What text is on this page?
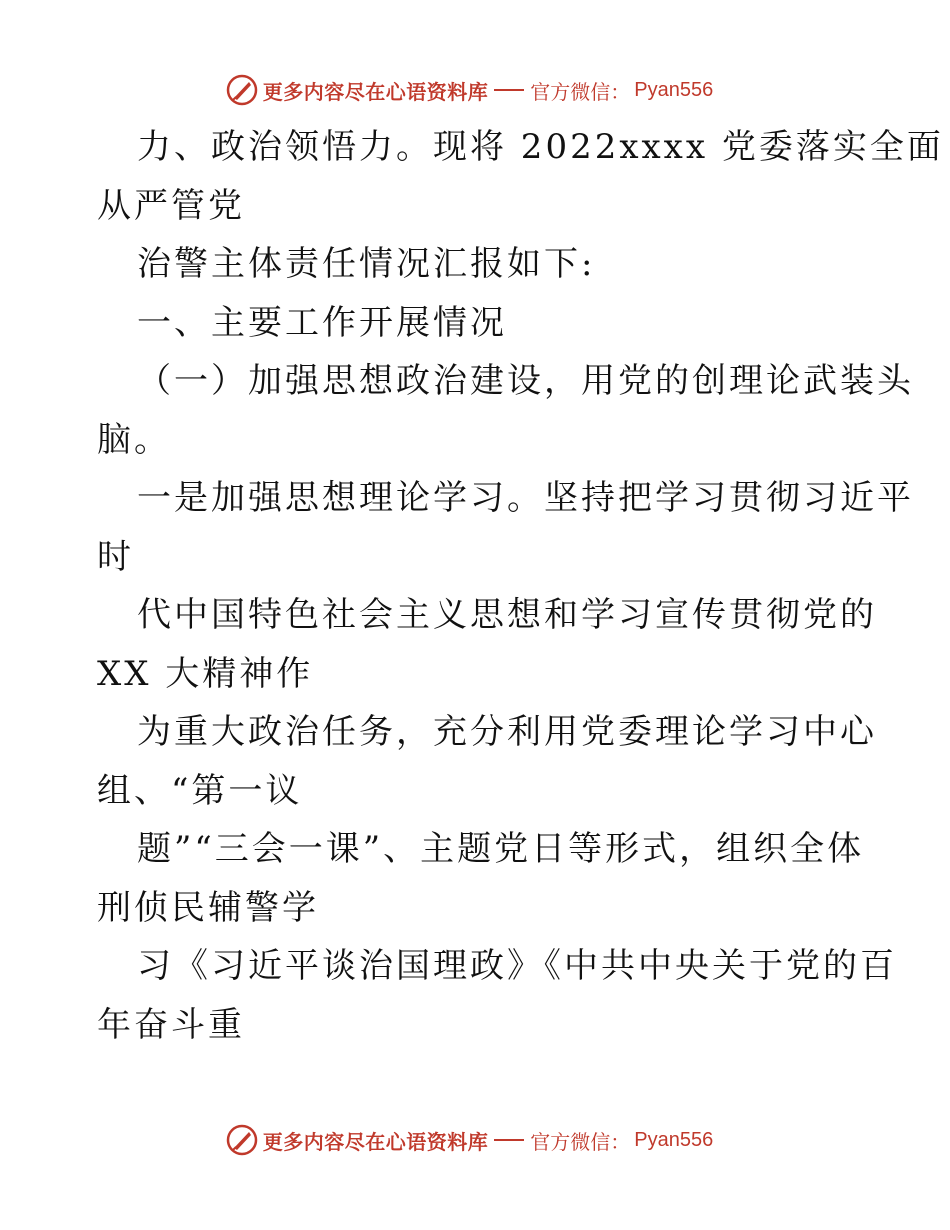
更多内容尽在心语资料库 官方微信： Pyan556
力、政治领悟力。现将 2022xxxx 党委落实全面
从严管党
治警主体责任情况汇报如下:
一、主要工作开展情况
（一）加强思想政治建设，用党的创理论武装头
脑。
一是加强思想理论学习。坚持把学习贯彻习近平
时
代中国特色社会主义思想和学习宣传贯彻党的
XX 大精神作
为重大政治任务，充分利用党委理论学习中心
组、“第一议
题”“三会一课”、主题党日等形式，组织全体
刑侦民辅警学
习《习近平谈治国理政》《中共中央关于党的百
年奋斗重
更多内容尽在心语资料库 官方微信： Pyan556
